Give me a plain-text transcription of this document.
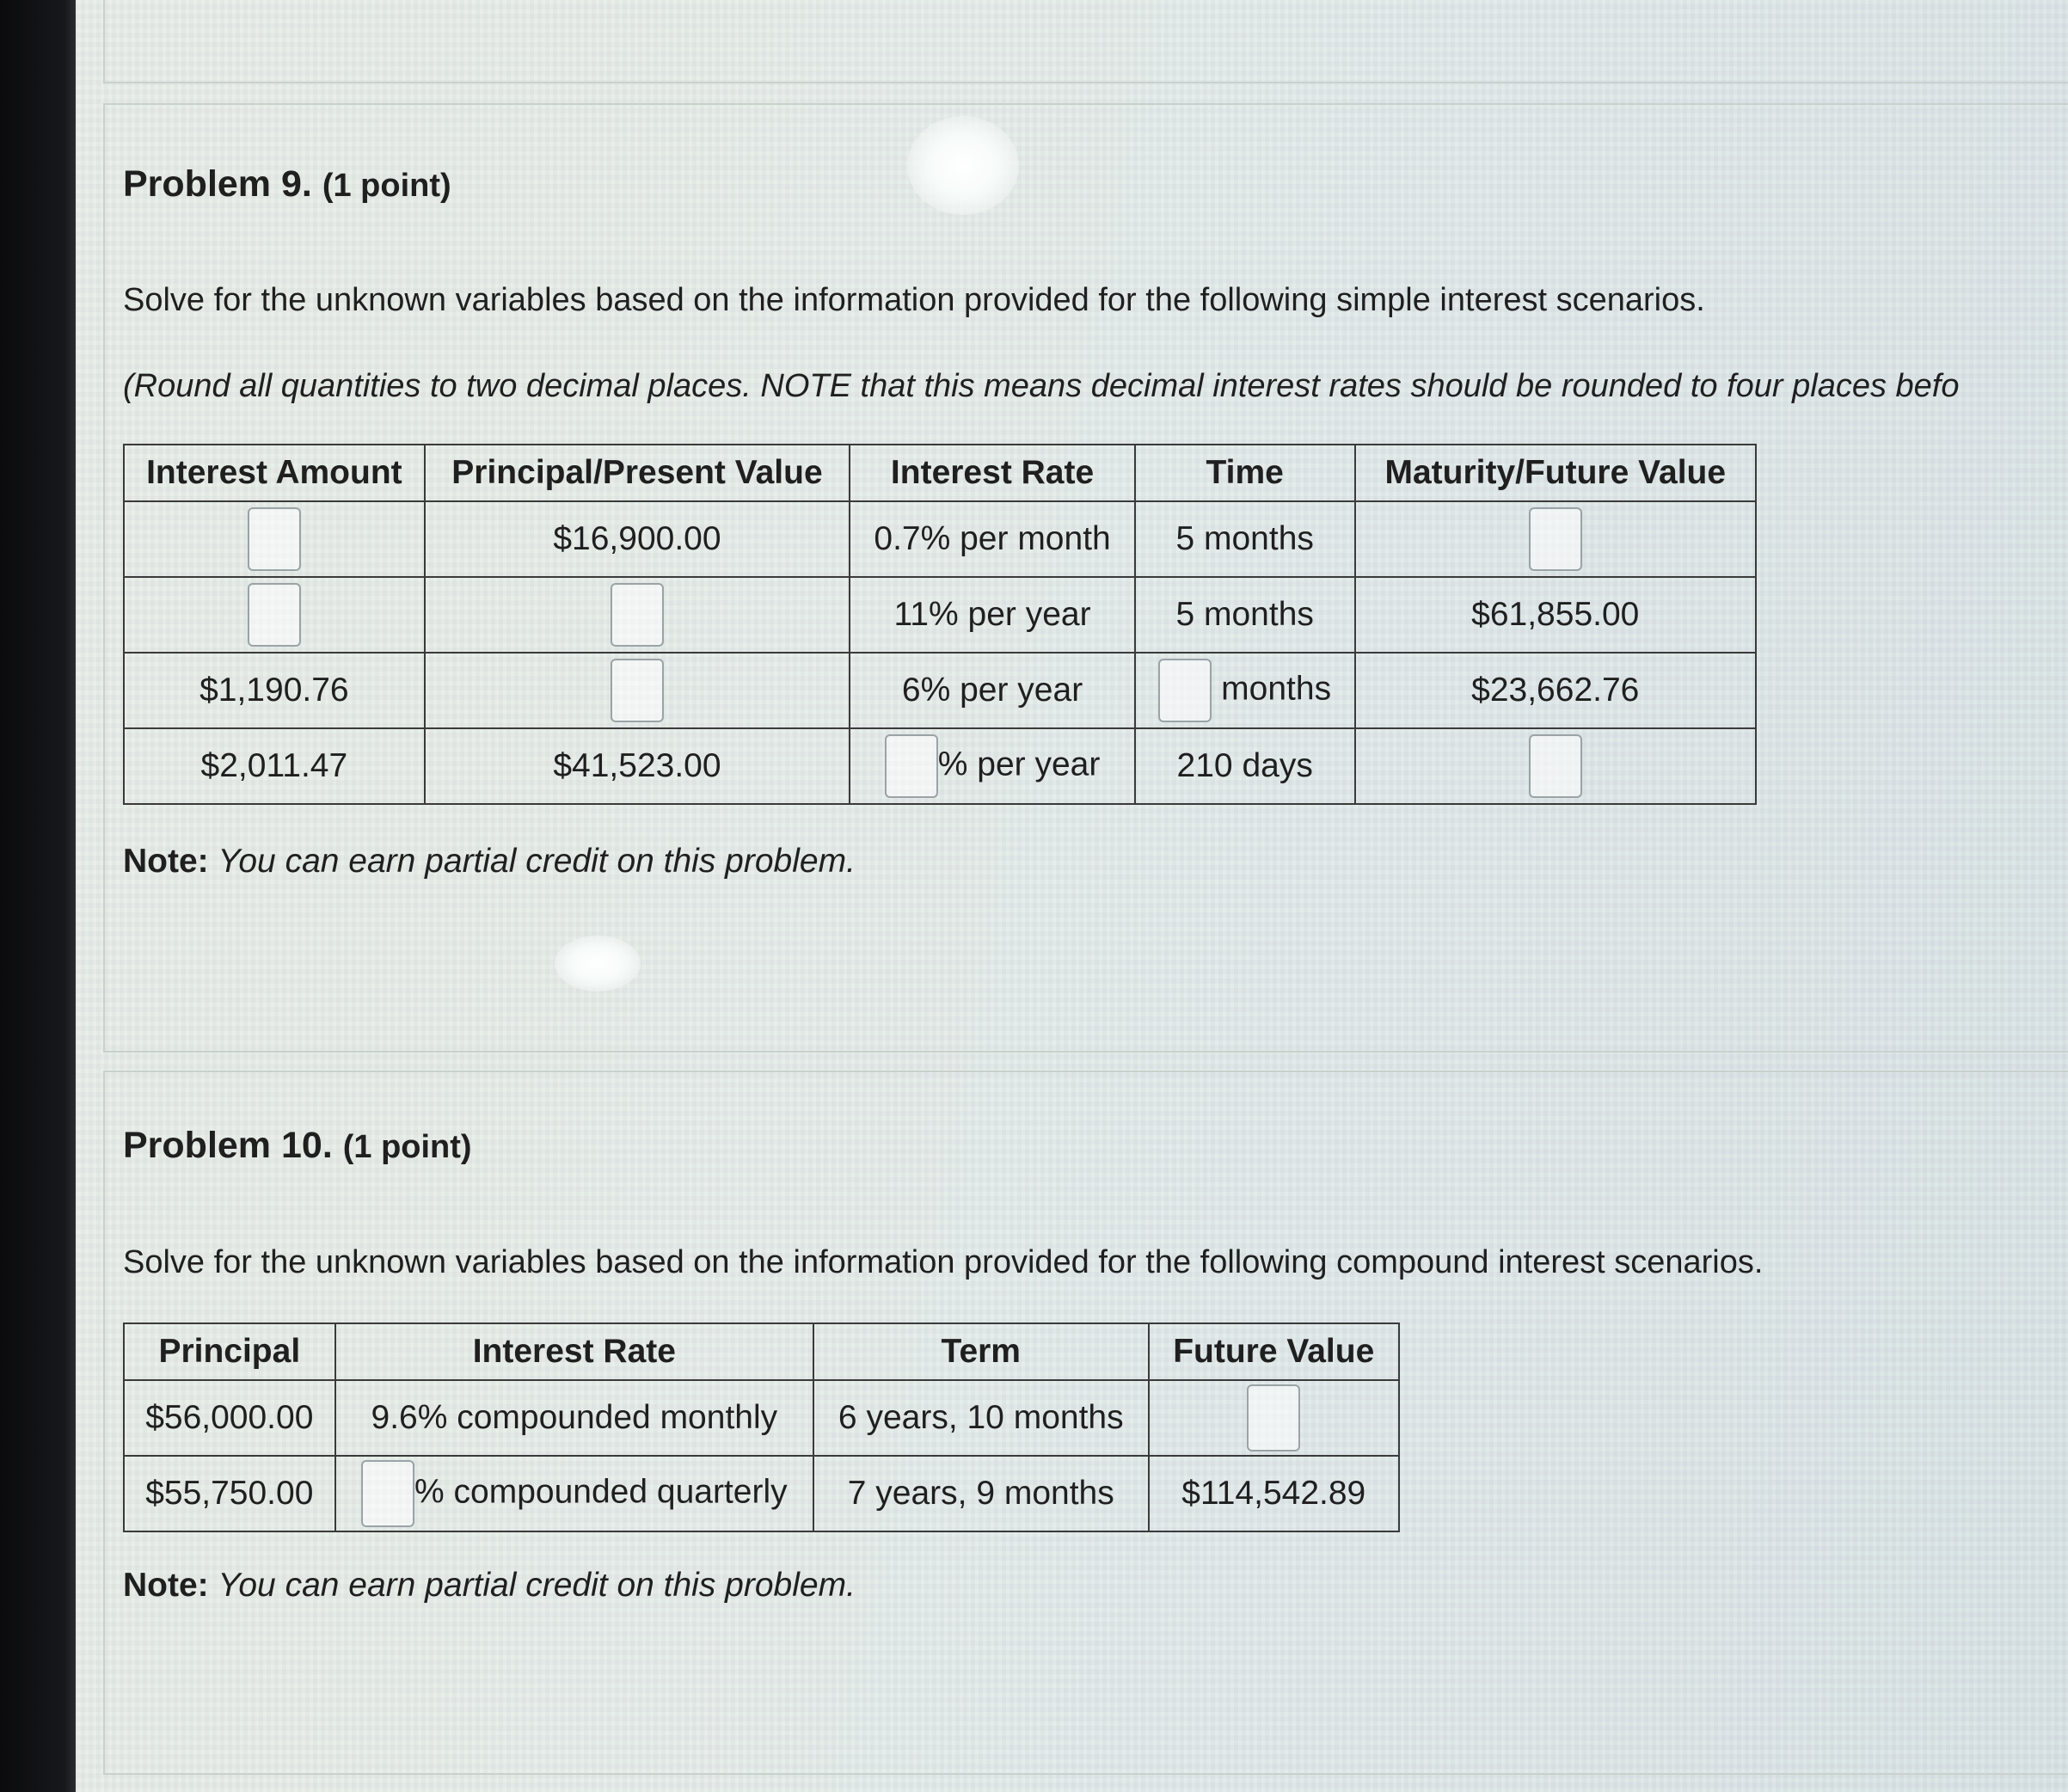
Problem 9. (1 point)
Solve for the unknown variables based on the information provided for the following simple interest scenarios.
(Round all quantities to two decimal places. NOTE that this means decimal interest rates should be rounded to four places befo
Interest Amount	Principal/Present Value	Interest Rate	Time	Maturity/Future Value
	$16,900.00	0.7% per month	5 months	
		11% per year	5 months	$61,855.00
$1,190.76		6% per year	months	$23,662.76
$2,011.47	$41,523.00	% per year	210 days	
Note: You can earn partial credit on this problem.
Problem 10. (1 point)
Solve for the unknown variables based on the information provided for the following compound interest scenarios.
Principal	Interest Rate	Term	Future Value
$56,000.00	9.6% compounded monthly	6 years, 10 months	
$55,750.00	% compounded quarterly	7 years, 9 months	$114,542.89
Note: You can earn partial credit on this problem.
